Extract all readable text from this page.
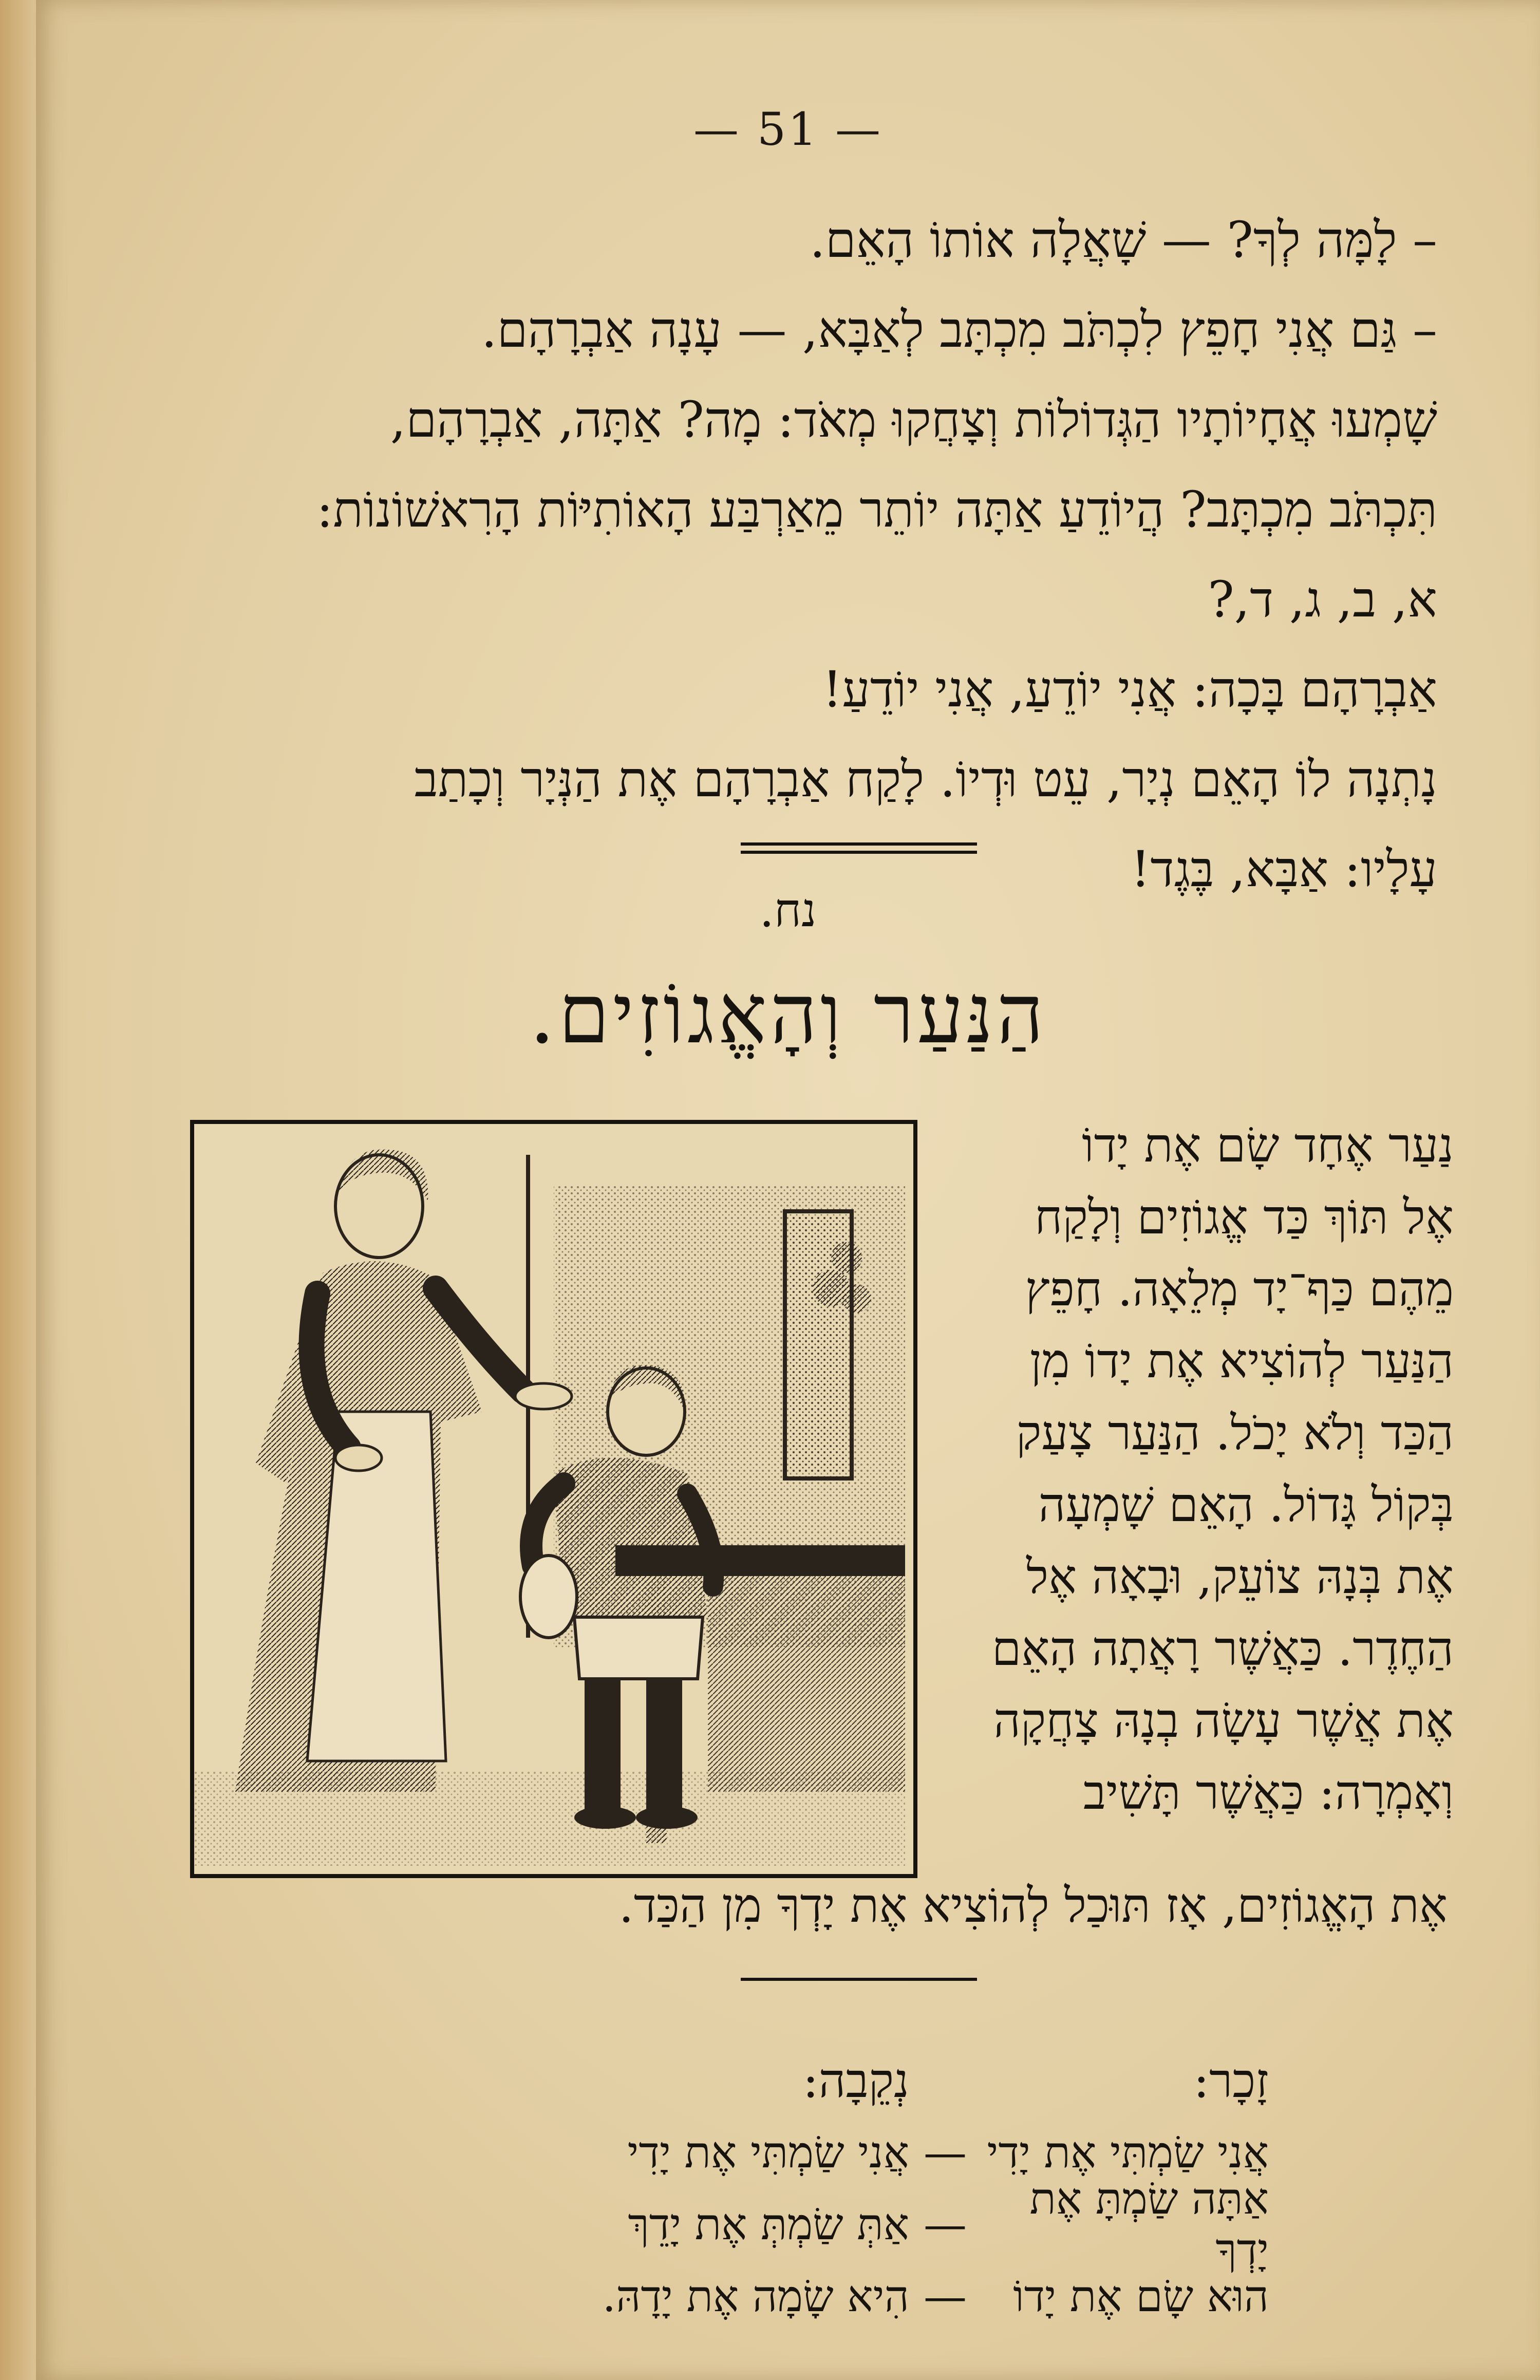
— 51 —
– לָמָּה לְךָ? — שָׁאֲלָה אוֹתוֹ הָאֵם.
– גַּם אֲנִי חָפֵץ לִכְתֹּב מִכְתָּב לְאַבָּא, — עָנָה אַבְרָהָם.
שָׁמְעוּ אֲחָיוֹתָיו הַגְּדוֹלוֹת וְצָחֲקוּ מְאֹד: מָה? אַתָּה, אַבְרָהָם,
תִּכְתֹּב מִכְתָּב? הֲיוֹדֵעַ אַתָּה יוֹתֵר מֵאַרְבַּע הָאוֹתִיּוֹת הָרִאשׁוֹנוֹת:
א, ב, ג, ד,?
אַבְרָהָם בָּכָה: אֲנִי יוֹדֵעַ, אֲנִי יוֹדֵעַ!
נָתְנָה לוֹ הָאֵם נְיָר, עֵט וּדְיוֹ. לָקַח אַבְרָהָם אֶת הַנְּיָר וְכָתַב
עָלָיו: אַבָּא, בֶּגֶד!
נח.
הַנַּעַר וְהָאֱגוֹזִים.
נַעַר אֶחָד שָׂם אֶת יָדוֹ
אֶל תּוֹךְ כַּד אֱגוֹזִים וְלָקַח
מֵהֶם כַּף־יָד מְלֵאָה. חָפֵץ
הַנַּעַר לְהוֹצִיא אֶת יָדוֹ מִן
הַכַּד וְלֹא יָכֹל. הַנַּעַר צָעַק
בְּקוֹל גָּדוֹל. הָאֵם שָׁמְעָה
אֶת בְּנָהּ צוֹעֵק, וּבָאָה אֶל
הַחֶדֶר. כַּאֲשֶׁר רָאֲתָה הָאֵם
אֶת אֲשֶׁר עָשָׂה בְנָהּ צָחֲקָה
וְאָמְרָה: כַּאֲשֶׁר תָּשִׁיב
אֶת הָאֱגוֹזִים, אָז תּוּכַל לְהוֹצִיא אֶת יָדְךָ מִן הַכַּד.
זָכָר:
נְקֵבָה:
אֲנִי שַׂמְתִּי אֶת יָדִי
—
אֲנִי שַׂמְתִּי אֶת יָדִי
אַתָּה שַׂמְתָּ אֶת יָדְךָ
—
אַתְּ שַׂמְתְּ אֶת יָדֵךְ
הוּא שָׂם אֶת יָדוֹ
—
הִיא שָׂמָה אֶת יָדָהּ.
